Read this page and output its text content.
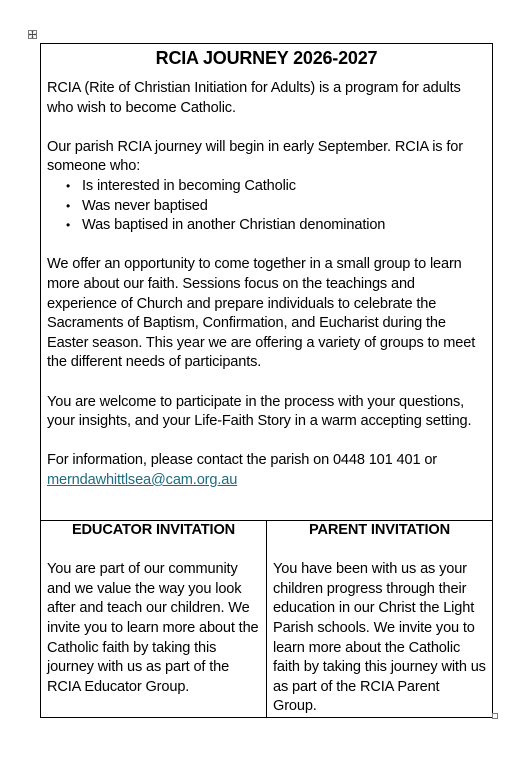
RCIA JOURNEY 2026-2027

RCIA (Rite of Christian Initiation for Adults) is a program for adults who wish to become Catholic.

Our parish RCIA journey will begin in early September. RCIA is for someone who:

• Is interested in becoming Catholic
• Was never baptised
• Was baptised in another Christian denomination

We offer an opportunity to come together in a small group to learn more about our faith. Sessions focus on the teachings and experience of Church and prepare individuals to celebrate the Sacraments of Baptism, Confirmation, and Eucharist during the Easter season. This year we are offering a variety of groups to meet the different needs of participants.

You are welcome to participate in the process with your questions, your insights, and your Life-Faith Story in a warm accepting setting.

For information, please contact the parish on 0448 101 401 or
merndawhittlsea@cam.org.au

EDUCATOR INVITATION

You are part of our community and we value the way you look after and teach our children. We invite you to learn more about the Catholic faith by taking this journey with us as part of the RCIA Educator Group.

PARENT INVITATION

You have been with us as your children progress through their education in our Christ the Light Parish schools. We invite you to learn more about the Catholic faith by taking this journey with us as part of the RCIA Parent Group.
